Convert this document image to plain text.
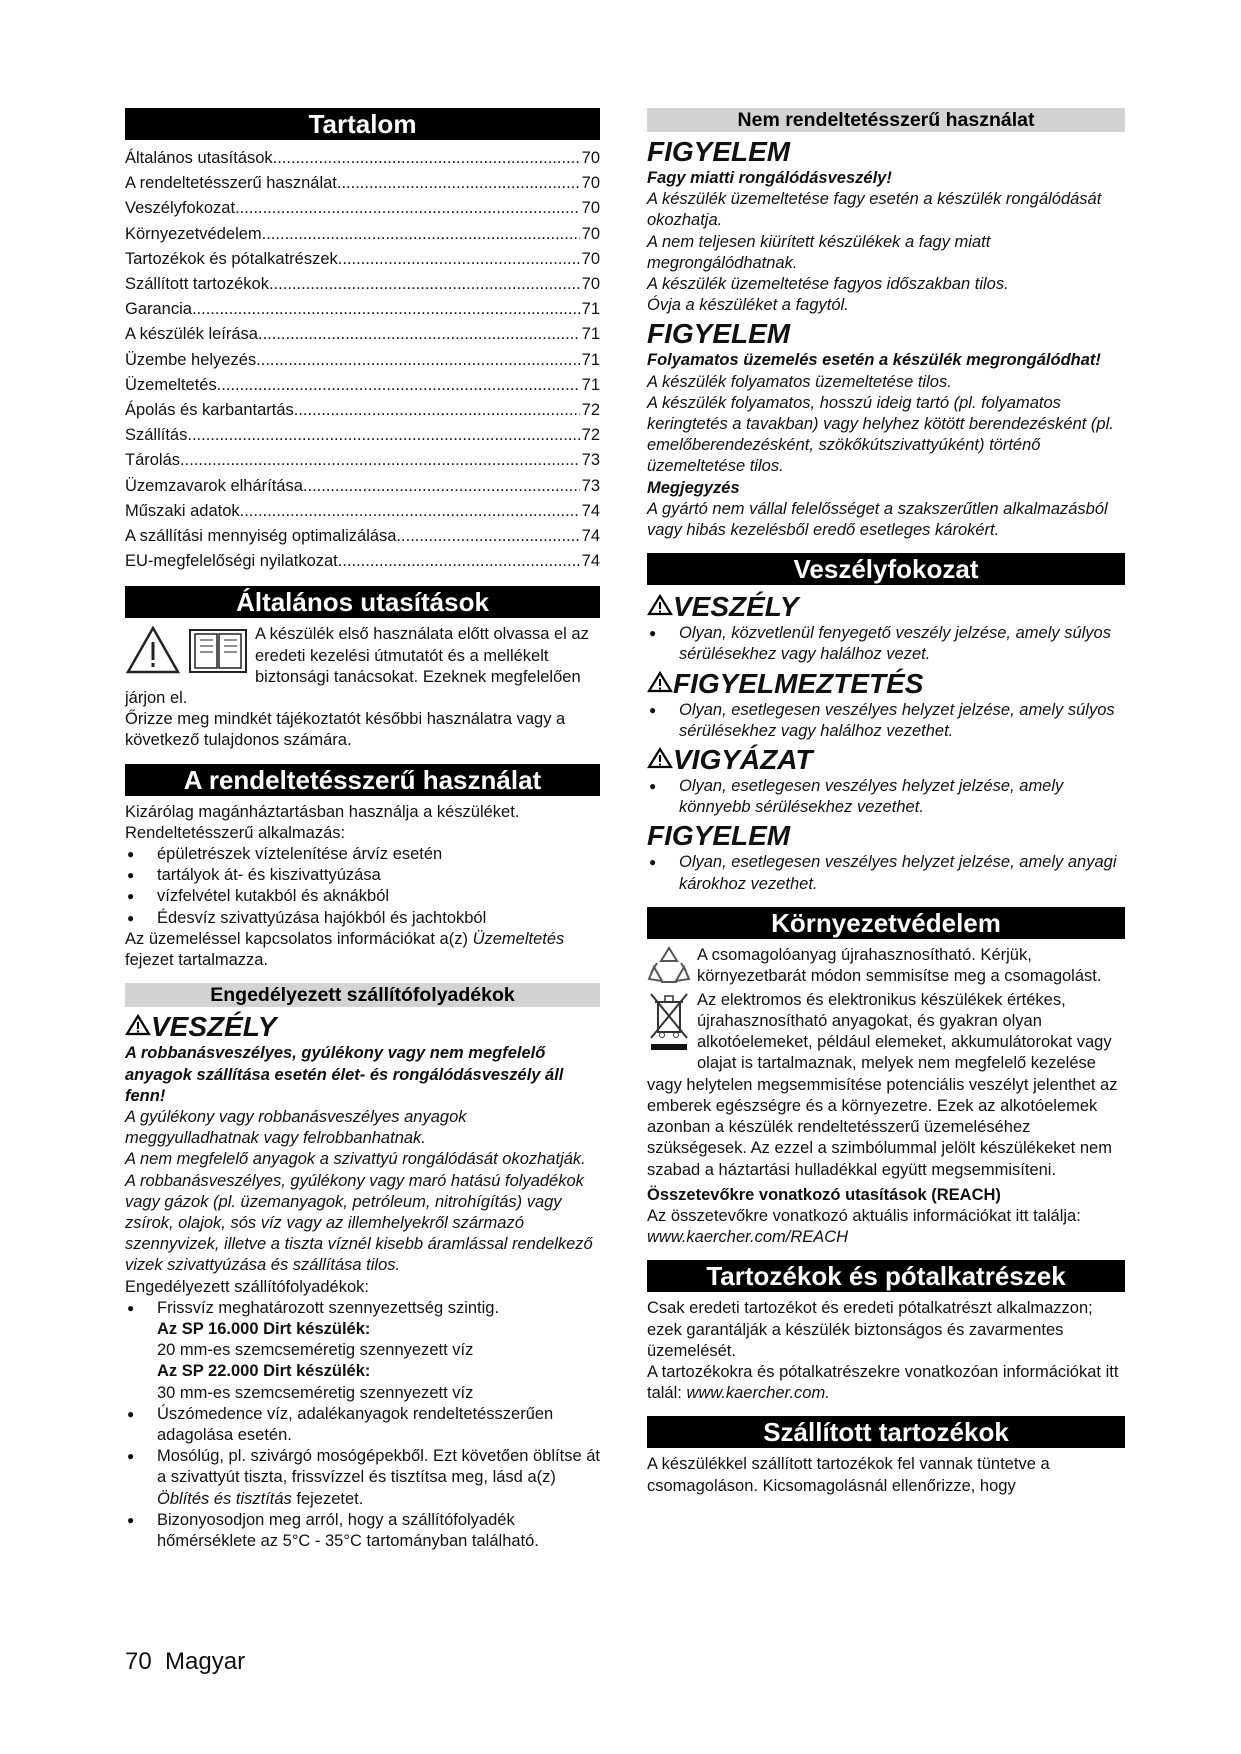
Tartalom
Általános utasítások .....	70
A rendeltetésszerű használat .....	70
Veszélyfokozat .....	70
Környezetvédelem .....	70
Tartozékok és pótalkatrészek .....	70
Szállított tartozékok .....	70
Garancia .....	71
A készülék leírása .....	71
Üzembe helyezés .....	71
Üzemeltetés .....	71
Ápolás és karbantartás .....	72
Szállítás .....	72
Tárolás .....	73
Üzemzavarok elhárítása .....	73
Műszaki adatok .....	74
A szállítási mennyiség optimalizálása .....	74
EU-megfelelőségi nyilatkozat .....	74
Általános utasítások

A készülék első használata előtt olvassa el az eredeti kezelési útmutatót és a mellékelt biztonsági tanácsokat. Ezeknek megfelelően járjon el.

Őrizze meg mindkét tájékoztatót későbbi használatra vagy a következő tulajdonos számára.

A rendeltetésszerű használat

Kizárólag magánháztartásban használja a készüléket.

Rendeltetésszerű alkalmazás:

● épületrészek víztelenítése árvíz esetén
● tartályok át- és kiszivattyúzása
● vízfelvétel kutakból és aknákból
● Édesvíz szivattyúzása hajókból és jachtokból

Az üzemeléssel kapcsolatos információkat a(z) Üzemeltetés fejezet tartalmazza.

Engedélyezett szállítófolyadékok
VESZÉLY

A robbanásveszélyes, gyúlékony vagy nem megfelelő anyagok szállítása esetén élet- és rongálódásveszély áll fenn!

A gyúlékony vagy robbanásveszélyes anyagok meggyulladhatnak vagy felrobbanhatnak.

A nem megfelelő anyagok a szivattyú rongálódását okozhatják.

A robbanásveszélyes, gyúlékony vagy maró hatású folyadékok vagy gázok (pl. üzemanyagok, petróleum, nitrohígítás) vagy zsírok, olajok, sós víz vagy az illemhelyekről származó szennyvizek, illetve a tiszta víznél kisebb áramlással rendelkező vizek szivattyúzása és szállítása tilos.

Engedélyezett szállítófolyadékok:

● Frissvíz meghatározott szennyezettség szintig.
Az SP 16.000 Dirt készülék:
20 mm-es szemcseméretig szennyezett víz
Az SP 22.000 Dirt készülék:
30 mm-es szemcseméretig szennyezett víz
● Úszómedence víz, adalékanyagok rendeltetésszerűen adagolása esetén.
● Mosólúg, pl. szivárgó mosógépekből. Ezt követően öblítse át a szivattyút tiszta, frissvízzel és tisztítsa meg, lásd a(z) Öblítés és tisztítás fejezetet.
● Bizonyosodjon meg arról, hogy a szállítófolyadék hőmérséklete az 5°C - 35°C tartományban található.
Nem rendeltetésszerű használat
FIGYELEM

Fagy miatti rongálódásveszély!

A készülék üzemeltetése fagy esetén a készülék rongálódását okozhatja.

A nem teljesen kiürített készülékek a fagy miatt megrongálódhatnak.

A készülék üzemeltetése fagyos időszakban tilos.

Óvja a készüléket a fagytól.

FIGYELEM

Folyamatos üzemelés esetén a készülék megrongálódhat!

A készülék folyamatos üzemeltetése tilos.

A készülék folyamatos, hosszú ideig tartó (pl. folyamatos keringtetés a tavakban) vagy helyhez kötött berendezésként (pl. emelőberendezésként, szökőkútszivattyúként) történő üzemeltetése tilos.

Megjegyzés

A gyártó nem vállal felelősséget a szakszerűtlen alkalmazásból vagy hibás kezelésből eredő esetleges károkért.

Veszélyfokozat
VESZÉLY
● Olyan, közvetlenül fenyegető veszély jelzése, amely súlyos sérülésekhez vagy halálhoz vezet.
FIGYELMEZTETÉS
● Olyan, esetlegesen veszélyes helyzet jelzése, amely súlyos sérülésekhez vagy halálhoz vezethet.
VIGYÁZAT
● Olyan, esetlegesen veszélyes helyzet jelzése, amely könnyebb sérülésekhez vezethet.
FIGYELEM
● Olyan, esetlegesen veszélyes helyzet jelzése, amely anyagi károkhoz vezethet.
Környezetvédelem

A csomagolóanyag újrahasznosítható. Kérjük, környezetbarát módon semmisítse meg a csomagolást.

Az elektromos és elektronikus készülékek értékes, újrahasznosítható anyagokat, és gyakran olyan alkotóelemeket, például elemeket, akkumulátorokat vagy olajat is tartalmaznak, melyek nem megfelelő kezelése vagy helytelen megsemmisítése potenciális veszélyt jelenthet az emberek egészségre és a környezetre. Ezek az alkotóelemek azonban a készülék rendeltetésszerű üzemeléséhez szükségesek. Az ezzel a szimbólummal jelölt készülékeket nem szabad a háztartási hulladékkal együtt megsemmisíteni.

Összetevőkre vonatkozó utasítások (REACH)

Az összetevőkre vonatkozó aktuális információkat itt találja: www.kaercher.com/REACH

Tartozékok és pótalkatrészek

Csak eredeti tartozékot és eredeti pótalkatrészt alkalmazzon; ezek garantálják a készülék biztonságos és zavarmentes üzemelését.

A tartozékokra és pótalkatrészekre vonatkozóan információkat itt talál: www.kaercher.com.

Szállított tartozékok

A készülékkel szállított tartozékok fel vannak tüntetve a csomagoláson. Kicsomagolásnál ellenőrizze, hogy

70 Magyar
